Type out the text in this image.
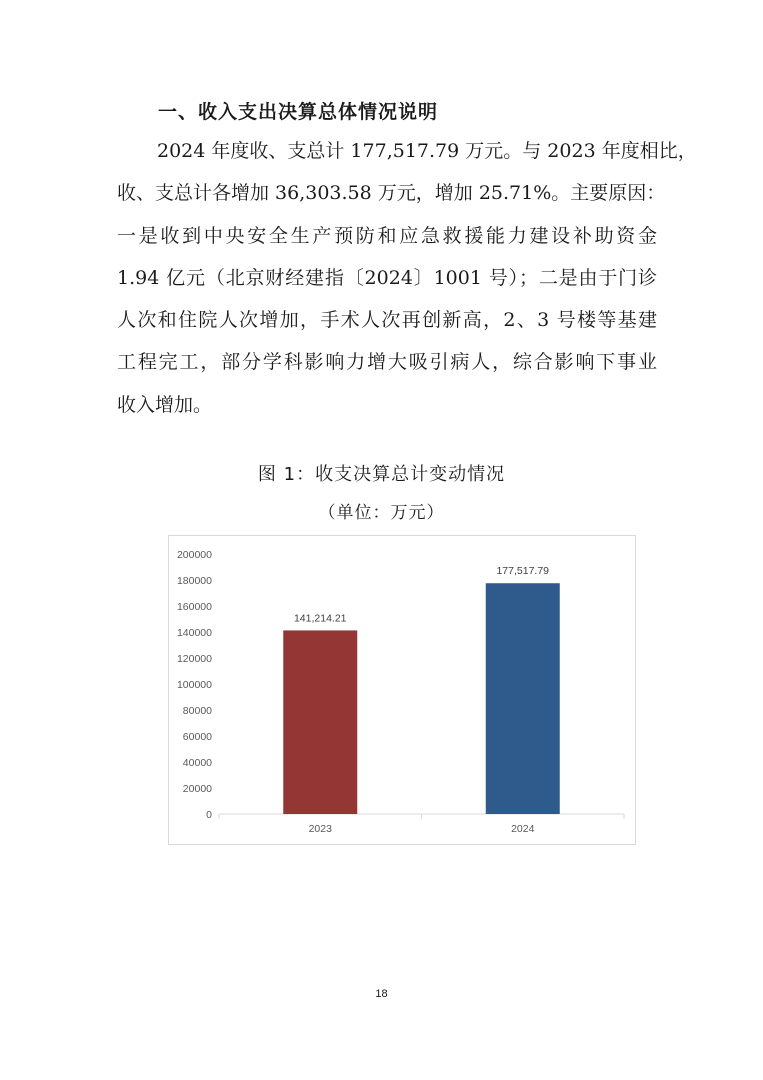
一、收入支出决算总体情况说明
2024 年度收、支总计 177,517.79 万元。与 2023 年度相比，
收、支总计各增加 36,303.58 万元，增加 25.71%。主要原因：
一是收到中央安全生产预防和应急救援能力建设补助资金
1.94 亿元（北京财经建指〔2024〕1001 号）；二是由于门诊
人次和住院人次增加，手术人次再创新高，2、3 号楼等基建
工程完工，部分学科影响力增大吸引病人，综合影响下事业
收入增加。
图 1：收支决算总计变动情况
（单位：万元）
0
20000
40000
60000
80000
100000
120000
140000
160000
180000
200000
141,214.21
2023
177,517.79
2024
18
